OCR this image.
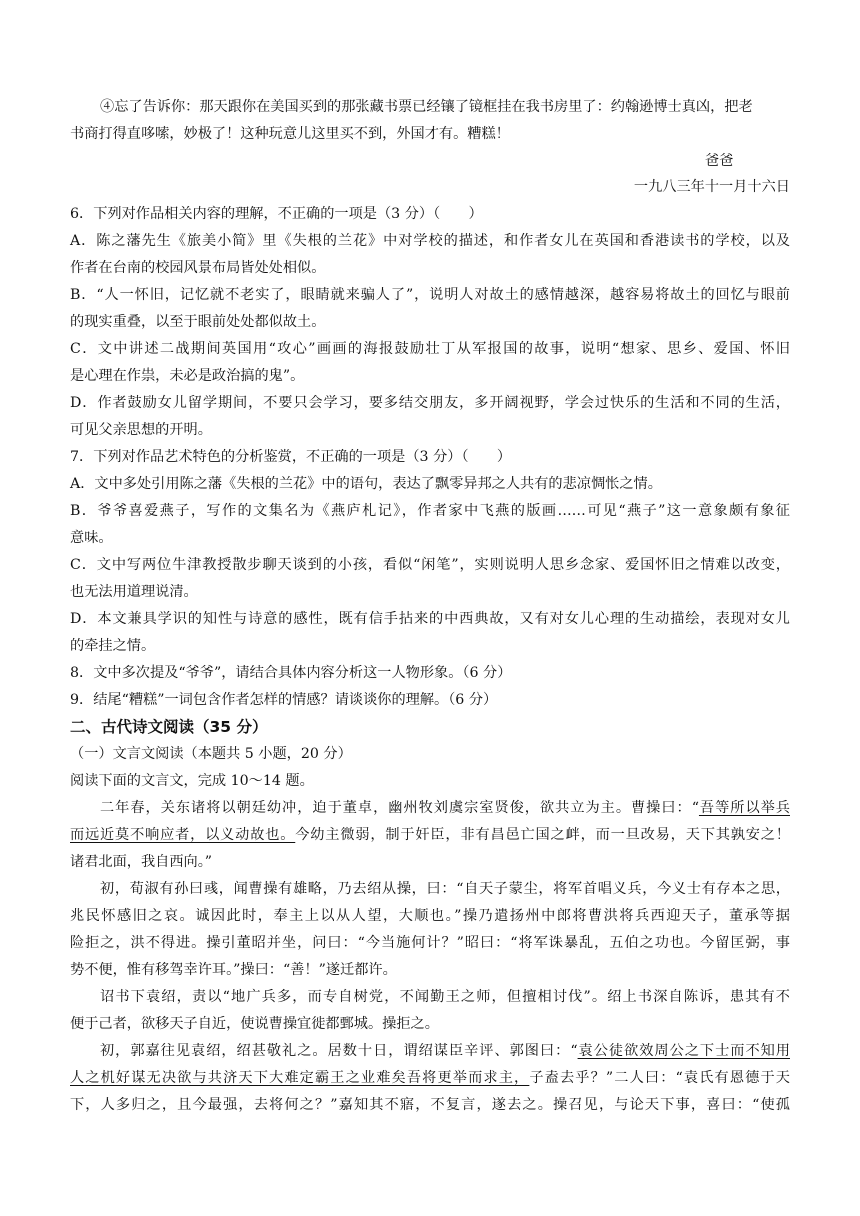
④忘了告诉你：那天跟你在美国买到的那张藏书票已经镶了镜框挂在我书房里了：约翰逊博士真凶，把老
书商打得直哆嗦，妙极了！这种玩意儿这里买不到，外国才有。糟糕！
爸爸
一九八三年十一月十六日
6．下列对作品相关内容的理解，不正确的一项是（3 分）（　　）
A．陈之藩先生《旅美小简》里《失根的兰花》中对学校的描述，和作者女儿在英国和香港读书的学校，以及
作者在台南的校园风景布局皆处处相似。
B．“人一怀旧，记忆就不老实了，眼睛就来骗人了”，说明人对故土的感情越深，越容易将故土的回忆与眼前
的现实重叠，以至于眼前处处都似故土。
C．文中讲述二战期间英国用“攻心”画画的海报鼓励壮丁从军报国的故事，说明“想家、思乡、爱国、怀旧
是心理在作祟，未必是政治搞的鬼”。
D．作者鼓励女儿留学期间，不要只会学习，要多结交朋友，多开阔视野，学会过快乐的生活和不同的生活，
可见父亲思想的开明。
7．下列对作品艺术特色的分析鉴赏，不正确的一项是（3 分）（　　）
A．文中多处引用陈之藩《失根的兰花》中的语句，表达了飘零异邦之人共有的悲凉惆怅之情。
B．爷爷喜爱燕子，写作的文集名为《燕庐札记》，作者家中飞燕的版画……可见“燕子”这一意象颇有象征
意味。
C．文中写两位牛津教授散步聊天谈到的小孩，看似“闲笔”，实则说明人思乡念家、爱国怀旧之情难以改变，
也无法用道理说清。
D．本文兼具学识的知性与诗意的感性，既有信手拈来的中西典故，又有对女儿心理的生动描绘，表现对女儿
的牵挂之情。
8．文中多次提及“爷爷”，请结合具体内容分析这一人物形象。（6 分）
9．结尾“糟糕”一词包含作者怎样的情感？请谈谈你的理解。（6 分）
二、古代诗文阅读（35 分）
（一）文言文阅读（本题共 5 小题，20 分）
阅读下面的文言文，完成 10～14 题。
二年春，关东诸将以朝廷幼冲，迫于董卓，幽州牧刘虞宗室贤俊，欲共立为主。曹操曰：“吾等所以举兵
而远近莫不响应者，以义动故也。今幼主微弱，制于奸臣，非有昌邑亡国之衅，而一旦改易，天下其孰安之！
诸君北面，我自西向。”
初，荀淑有孙曰彧，闻曹操有雄略，乃去绍从操，曰：“自天子蒙尘，将军首唱义兵，今义士有存本之思，
兆民怀感旧之哀。诚因此时，奉主上以从人望，大顺也。”操乃遣扬州中郎将曹洪将兵西迎天子，董承等据
险拒之，洪不得进。操引董昭并坐，问曰：“今当施何计？”昭曰：“将军诛暴乱，五伯之功也。今留匡弼，事
势不便，惟有移驾幸许耳。”操曰：“善！”遂迁都许。
诏书下袁绍，责以“地广兵多，而专自树党，不闻勤王之师，但擅相讨伐”。绍上书深自陈诉，患其有不
便于己者，欲移天子自近，使说曹操宜徙都鄄城。操拒之。
初，郭嘉往见袁绍，绍甚敬礼之。居数十日，谓绍谋臣辛评、郭图曰：“袁公徒欲效周公之下士而不知用
人之机好谋无决欲与共济天下大难定霸王之业难矣吾将更举而求主，子盍去乎？”二人曰：“袁氏有恩德于天
下，人多归之，且今最强，去将何之？”嘉知其不寤，不复言，遂去之。操召见，与论天下事，喜曰：“使孤
